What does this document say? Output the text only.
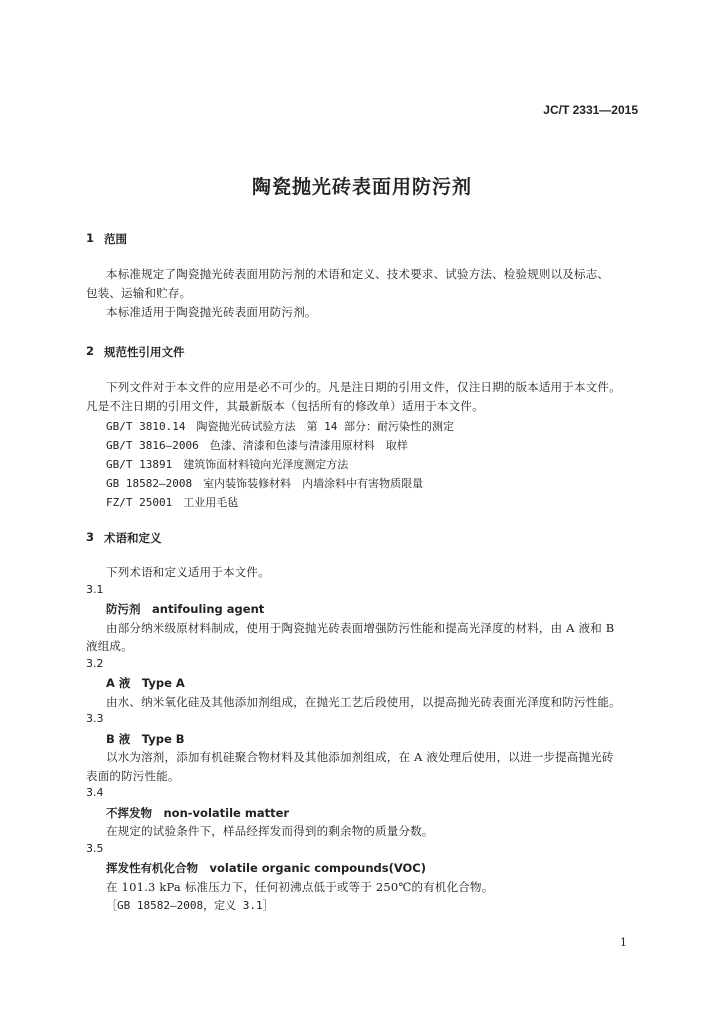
JC/T 2331—2015
陶瓷抛光砖表面用防污剂
1 范围
本标准规定了陶瓷抛光砖表面用防污剂的术语和定义、技术要求、试验方法、检验规则以及标志、
包装、运输和贮存。
本标准适用于陶瓷抛光砖表面用防污剂。
2 规范性引用文件
下列文件对于本文件的应用是必不可少的。凡是注日期的引用文件，仅注日期的版本适用于本文件。
凡是不注日期的引用文件，其最新版本（包括所有的修改单）适用于本文件。
GB/T 3810.14　陶瓷抛光砖试验方法　第 14 部分：耐污染性的测定
GB/T 3816—2006　色漆、清漆和色漆与清漆用原材料　取样
GB/T 13891　建筑饰面材料镜向光泽度测定方法
GB 18582—2008　室内装饰装修材料　内墙涂料中有害物质限量
FZ/T 25001　工业用毛毡
3 术语和定义
下列术语和定义适用于本文件。
3.1
防污剂　antifouling agent
由部分纳米级原材料制成，使用于陶瓷抛光砖表面增强防污性能和提高光泽度的材料，由 A 液和 B
液组成。
3.2
A 液　Type A
由水、纳米氧化硅及其他添加剂组成，在抛光工艺后段使用，以提高抛光砖表面光泽度和防污性能。
3.3
B 液　Type B
以水为溶剂，添加有机硅聚合物材料及其他添加剂组成，在 A 液处理后使用，以进一步提高抛光砖
表面的防污性能。
3.4
不挥发物　non-volatile matter
在规定的试验条件下，样品经挥发而得到的剩余物的质量分数。
3.5
挥发性有机化合物　volatile organic compounds(VOC)
在 101.3 kPa 标准压力下，任何初沸点低于或等于 250℃的有机化合物。
［GB 18582—2008，定义 3.1］
1
